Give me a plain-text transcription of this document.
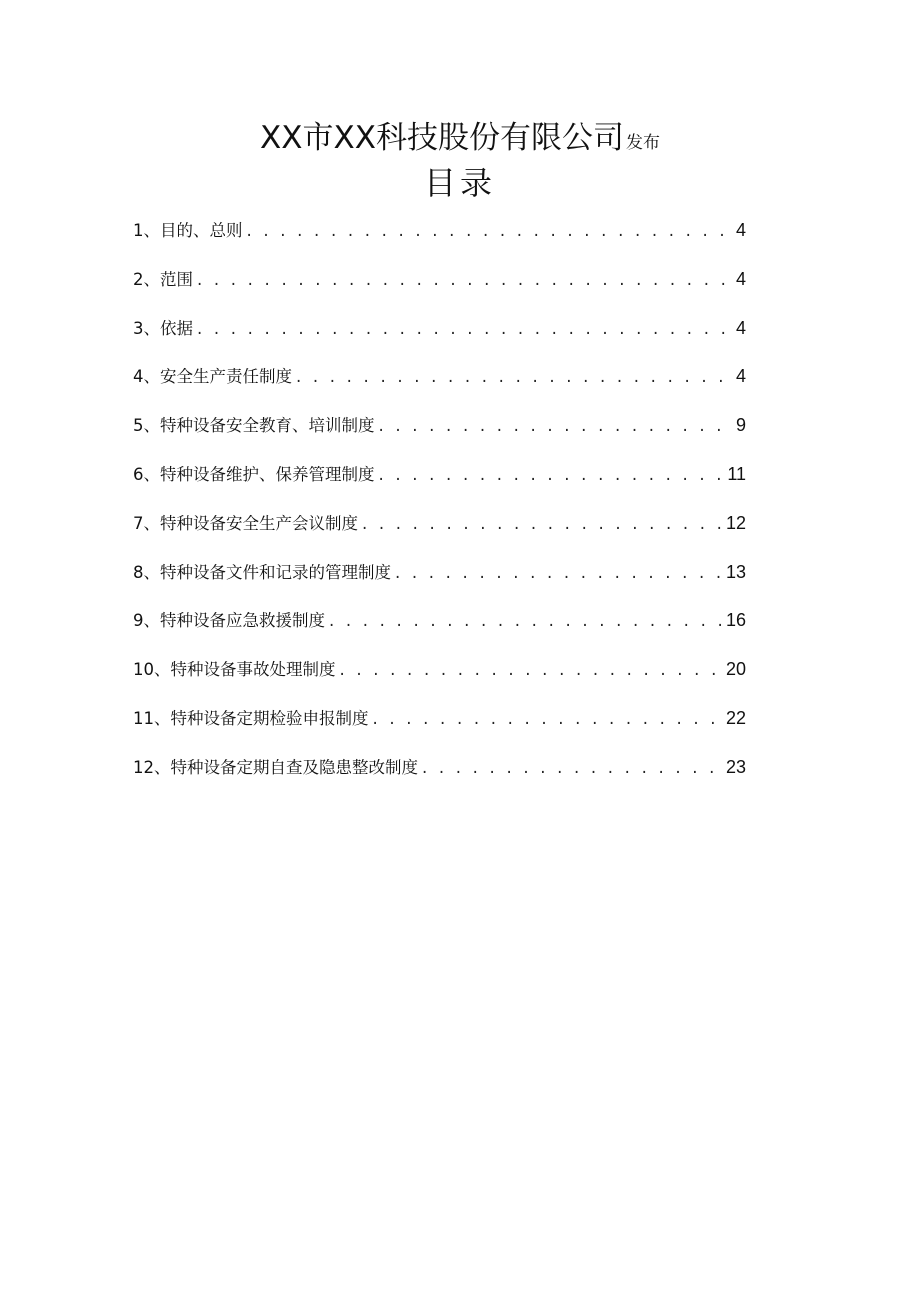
XX市XX科技股份有限公司 发布
目录
1、目的、总则 . . .	4
2、范围 . . .	4
3、依据 . . .	4
4、安全生产责任制度 . . .	4
5、特种设备安全教育、培训制度 . . .	9
6、特种设备维护、保养管理制度 . . .	11
7、特种设备安全生产会议制度 . . .	12
8、特种设备文件和记录的管理制度 . . .	13
9、特种设备应急救援制度 . . .	16
10、特种设备事故处理制度 . . .	20
11、特种设备定期检验申报制度 . . .	22
12、特种设备定期自查及隐患整改制度 . . .	23
